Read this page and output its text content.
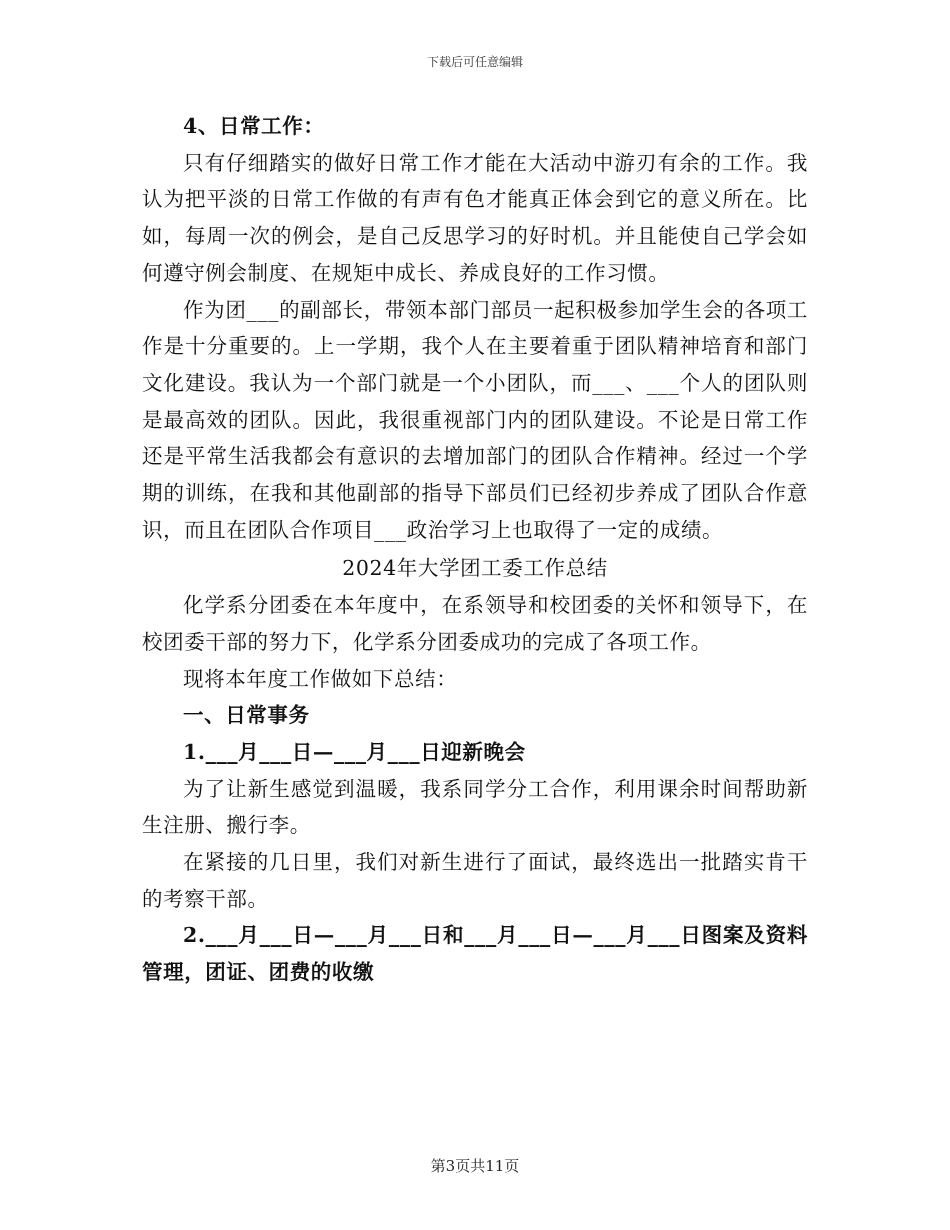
下载后可任意编辑

4、日常工作：

只有仔细踏实的做好日常工作才能在大活动中游刃有余的工作。我认为把平淡的日常工作做的有声有色才能真正体会到它的意义所在。比如，每周一次的例会，是自己反思学习的好时机。并且能使自己学会如何遵守例会制度、在规矩中成长、养成良好的工作习惯。

作为团___的副部长，带领本部门部员一起积极参加学生会的各项工作是十分重要的。上一学期，我个人在主要着重于团队精神培育和部门文化建设。我认为一个部门就是一个小团队，而___、___个人的团队则是最高效的团队。因此，我很重视部门内的团队建设。不论是日常工作还是平常生活我都会有意识的去增加部门的团队合作精神。经过一个学期的训练，在我和其他副部的指导下部员们已经初步养成了团队合作意识，而且在团队合作项目___政治学习上也取得了一定的成绩。

2024年大学团工委工作总结

化学系分团委在本年度中，在系领导和校团委的关怀和领导下，在校团委干部的努力下，化学系分团委成功的完成了各项工作。

现将本年度工作做如下总结：

一、日常事务

1.___月___日—___月___日迎新晚会

为了让新生感觉到温暖，我系同学分工合作，利用课余时间帮助新生注册、搬行李。

在紧接的几日里，我们对新生进行了面试，最终选出一批踏实肯干的考察干部。

2.___月___日—___月___日和___月___日—___月___日图案及资料管理，团证、团费的收缴

第3页共11页
